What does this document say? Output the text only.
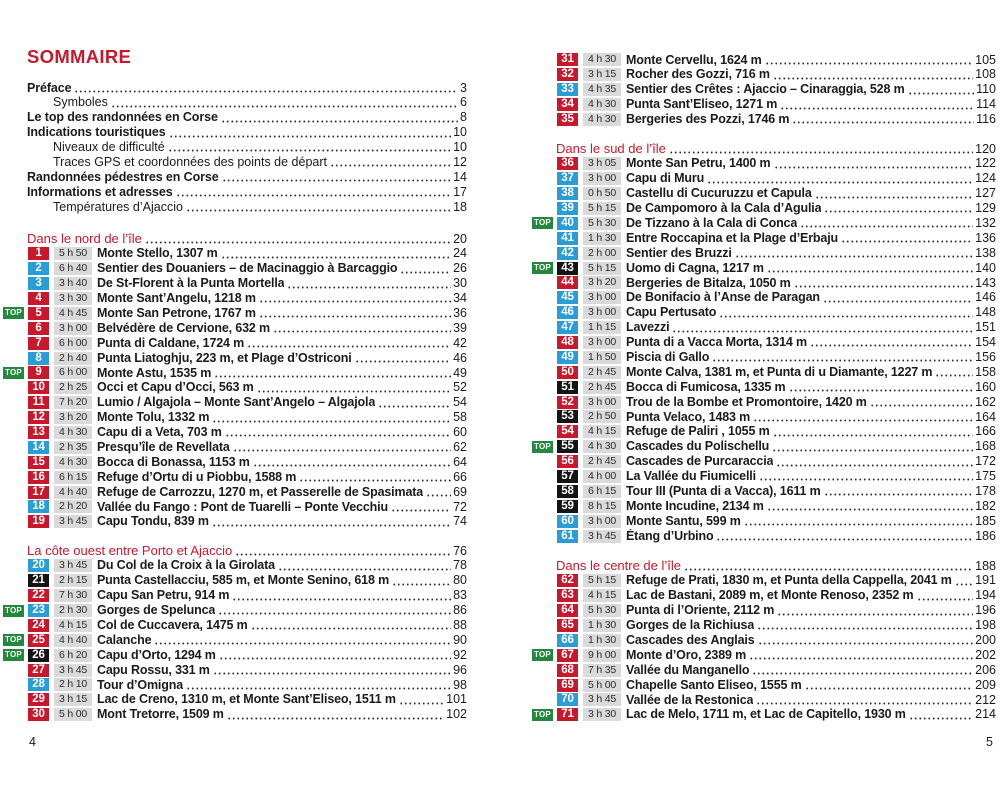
SOMMAIRE
Préface	3
Symboles	6
Le top des randonnées en Corse	8
Indications touristiques	10
Niveaux de difficulté	10
Traces GPS et coordonnées des points de départ	12
Randonnées pédestres en Corse	14
Informations et adresses	17
Températures d’Ajaccio	18
Dans le nord de l’île	20
1	5 h 50 Monte Stello, 1307 m	24
2	6 h 40 Sentier des Douaniers – de Macinaggio à Barcaggio	26
3	3 h 40 De St-Florent à la Punta Mortella	30
4	3 h 30 Monte Sant’Angelu, 1218 m	34
TOP	5	4 h 45 Monte San Petrone, 1767 m	36
6	3 h 00 Belvédère de Cervione, 632 m	39
7	6 h 00 Punta di Caldane, 1724 m	42
8	2 h 40 Punta Liatoghju, 223 m, et Plage d’Ostriconi	46
TOP	9	6 h 00 Monte Astu, 1535 m	49
10	2 h 25 Occi et Capu d’Occi, 563 m	52
11	7 h 20 Lumio / Algajola – Monte Sant’Angelo – Algajola	54
12	3 h 20 Monte Tolu, 1332 m	58
13	4 h 30 Capu di a Veta, 703 m	60
14	2 h 35 Presqu’île de Revellata	62
15	4 h 30 Bocca di Bonassa, 1153 m	64
16	6 h 15 Refuge d’Ortu di u Piobbu, 1588 m	66
17	4 h 40 Refuge de Carrozzu, 1270 m, et Passerelle de Spasimata 69
18	2 h 20 Vallée du Fango : Pont de Tuarelli – Ponte Vecchiu	72
19	3 h 45 Capu Tondu, 839 m	74
La côte ouest entre Porto et Ajaccio	76
20	3 h 45 Du Col de la Croix à la Girolata	78
21	2 h 15 Punta Castellacciu, 585 m, et Monte Senino, 618 m	80
22	7 h 30 Capu San Petru, 914 m	83
TOP 23	2 h 30 Gorges de Spelunca	86
24	4 h 15 Col de Cuccavera, 1475 m	88
TOP 25	4 h 40 Calanche	90
TOP 26	6 h 20 Capu d’Orto, 1294 m	92
27	3 h 45 Capu Rossu, 331 m	96
28	2 h 10 Tour d’Omigna	98
29	3 h 15 Lac de Creno, 1310 m, et Monte Sant’Eliseo, 1511 m	101
30	5 h 00 Mont Tretorre, 1509 m	102
4
31	4 h 30 Monte Cervellu, 1624 m	105
32	3 h 15 Rocher des Gozzi, 716 m	108
33	4 h 35 Sentier des Crêtes : Ajaccio – Cinaraggia, 528 m	110
34	4 h 30 Punta Sant’Eliseo, 1271 m	114
35	4 h 30 Bergeries des Pozzi, 1746 m	116
Dans le sud de l’île	120
36	3 h 05 Monte San Petru, 1400 m	122
37	3 h 00 Capu di Muru	124
38	0 h 50 Castellu di Cucuruzzu et Capula	127
39	5 h 15 De Campomoro à la Cala d’Agulia	129
TOP 40	5 h 30 De Tizzano à la Cala di Conca	132
41	1 h 30 Entre Roccapina et la Plage d’Erbaju	136
42	2 h 00 Sentier des Bruzzi	138
TOP 43	5 h 15 Uomo di Cagna, 1217 m	140
44	3 h 20 Bergeries de Bitalza, 1050 m	143
45	3 h 00 De Bonifacio à l’Anse de Paragan	146
46	3 h 00 Capu Pertusato	148
47	1 h 15 Lavezzi	151
48	3 h 00 Punta di a Vacca Morta, 1314 m	154
49	1 h 50 Piscia di Gallo	156
50	2 h 45 Monte Calva, 1381 m, et Punta di u Diamante, 1227 m	158
51	2 h 45 Bocca di Fumicosa, 1335 m	160
52	3 h 00 Trou de la Bombe et Promontoire, 1420 m	162
53	2 h 50 Punta Velaco, 1483 m	164
54	4 h 15 Refuge de Paliri , 1055 m	166
TOP 55	4 h 30 Cascades du Polischellu	168
56	2 h 45 Cascades de Purcaraccia	172
57	4 h 00 La Vallée du Fiumicelli	175
58	6 h 15 Tour III (Punta di a Vacca), 1611 m	178
59	8 h 15 Monte Incudine, 2134 m	182
60	3 h 00 Monte Santu, 599 m	185
61	3 h 45 Étang d’Urbino	186
Dans le centre de l’île	188
62	5 h 15 Refuge de Prati, 1830 m, et Punta della Cappella, 2041 m 191
63	4 h 15 Lac de Bastani, 2089 m, et Monte Renoso, 2352 m	194
64	5 h 30 Punta di l’Oriente, 2112 m	196
65	1 h 30 Gorges de la Richiusa	198
66	1 h 30 Cascades des Anglais	200
TOP 67	9 h 00 Monte d’Oro, 2389 m	202
68	7 h 35 Vallée du Manganello	206
69	5 h 00 Chapelle Santo Eliseo, 1555 m	209
70	3 h 45 Vallée de la Restonica	212
TOP 71	3 h 30 Lac de Melo, 1711 m, et Lac de Capitello, 1930 m	214
5
